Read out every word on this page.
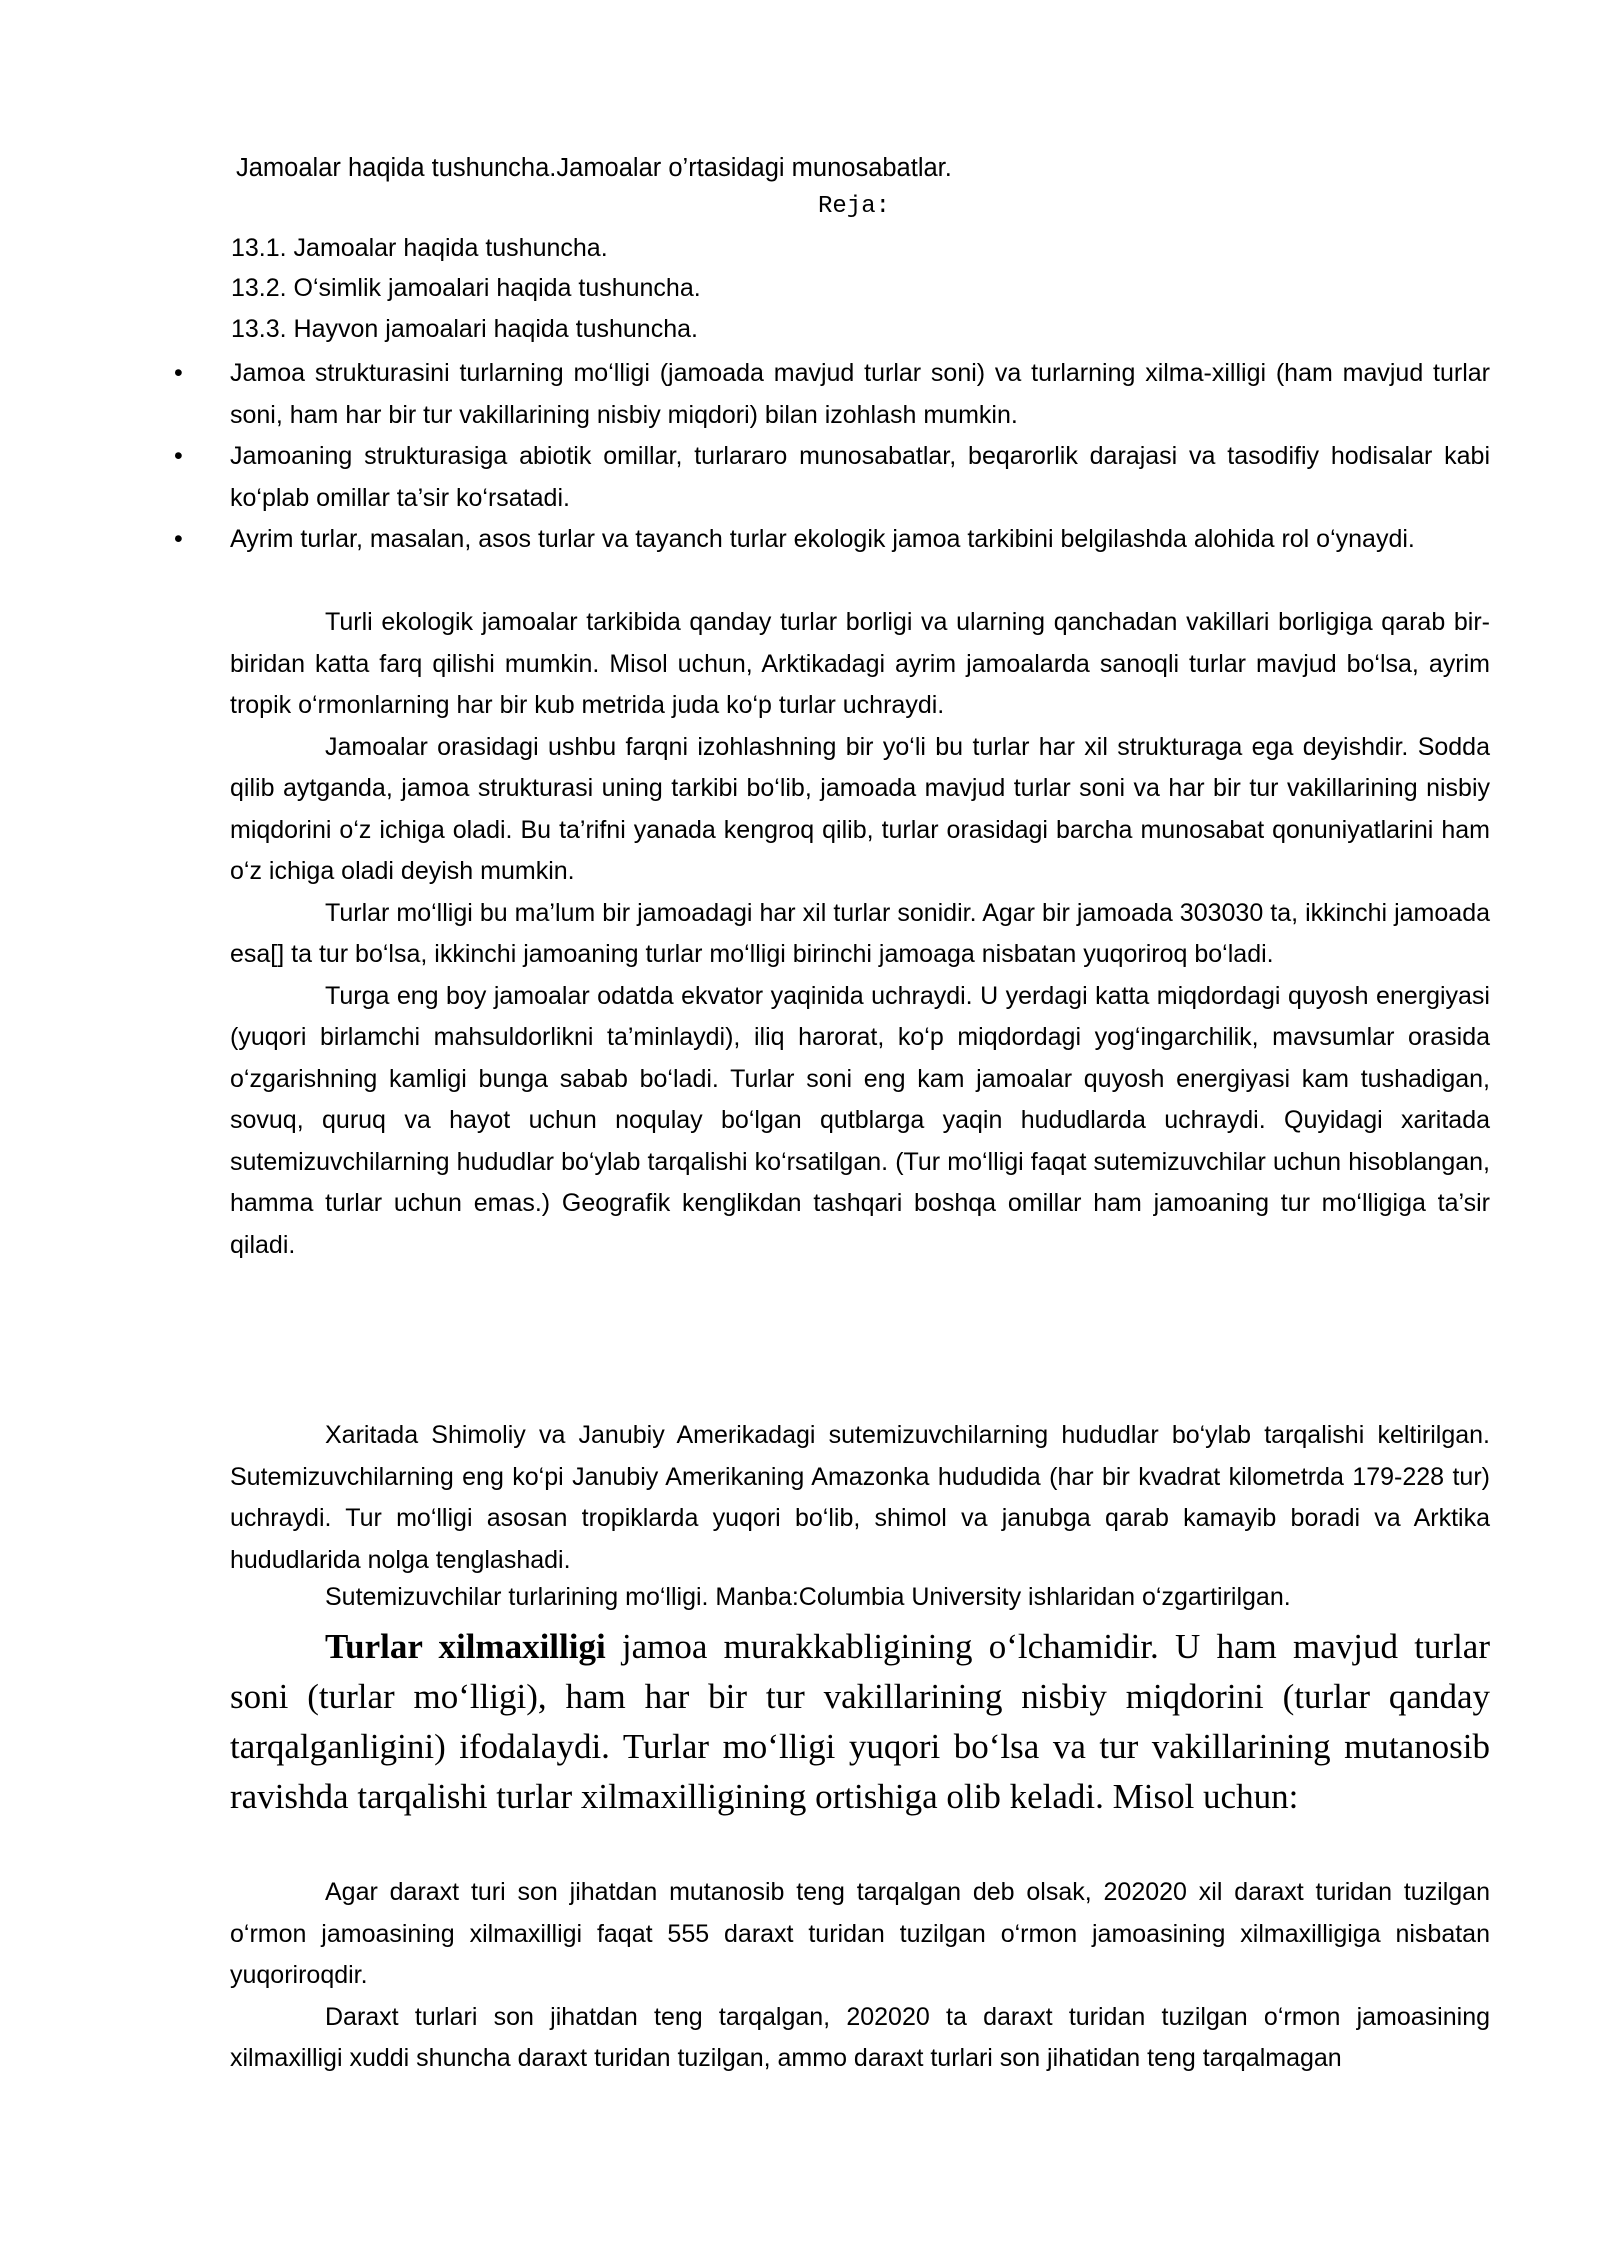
Jamoalar haqida tushuncha.Jamoalar o’rtasidagi munosabatlar.
Reja:
13.1. Jamoalar haqida tushuncha.
13.2. O‘simlik jamoalari haqida tushuncha.
13.3. Hayvon jamoalari haqida tushuncha.
• Jamoa strukturasini turlarning mo‘lligi (jamoada mavjud turlar soni) va turlarning xilma-xilligi (ham mavjud turlar soni, ham har bir tur vakillarining nisbiy miqdori) bilan izohlash mumkin.
• Jamoaning strukturasiga abiotik omillar, turlararo munosabatlar, beqarorlik darajasi va tasodifiy hodisalar kabi ko‘plab omillar ta’sir ko‘rsatadi.
• Ayrim turlar, masalan, asos turlar va tayanch turlar ekologik jamoa tarkibini belgilashda alohida rol o‘ynaydi.

Turli ekologik jamoalar tarkibida qanday turlar borligi va ularning qanchadan vakillari borligiga qarab bir-biridan katta farq qilishi mumkin. Misol uchun, Arktikadagi ayrim jamoalarda sanoqli turlar mavjud bo‘lsa, ayrim tropik o‘rmonlarning har bir kub metrida juda ko‘p turlar uchraydi.

Jamoalar orasidagi ushbu farqni izohlashning bir yo‘li bu turlar har xil strukturaga ega deyishdir. Sodda qilib aytganda, jamoa strukturasi uning tarkibi bo‘lib, jamoada mavjud turlar soni va har bir tur vakillarining nisbiy miqdorini o‘z ichiga oladi. Bu ta’rifni yanada kengroq qilib, turlar orasidagi barcha munosabat qonuniyatlarini ham o‘z ichiga oladi deyish mumkin.

Turlar mo‘lligi bu ma’lum bir jamoadagi har xil turlar sonidir. Agar bir jamoada 303030 ta, ikkinchi jamoada esa[] ta tur bo‘lsa, ikkinchi jamoaning turlar mo‘lligi birinchi jamoaga nisbatan yuqoriroq bo‘ladi.

Turga eng boy jamoalar odatda ekvator yaqinida uchraydi. U yerdagi katta miqdordagi quyosh energiyasi (yuqori birlamchi mahsuldorlikni ta’minlaydi), iliq harorat, ko‘p miqdordagi yog‘ingarchilik, mavsumlar orasida o‘zgarishning kamligi bunga sabab bo‘ladi. Turlar soni eng kam jamoalar quyosh energiyasi kam tushadigan, sovuq, quruq va hayot uchun noqulay bo‘lgan qutblarga yaqin hududlarda uchraydi. Quyidagi xaritada sutemizuvchilarning hududlar bo‘ylab tarqalishi ko‘rsatilgan. (Tur mo‘lligi faqat sutemizuvchilar uchun hisoblangan, hamma turlar uchun emas.) Geografik kenglikdan tashqari boshqa omillar ham jamoaning tur mo‘lligiga ta’sir qiladi.

Xaritada Shimoliy va Janubiy Amerikadagi sutemizuvchilarning hududlar bo‘ylab tarqalishi keltirilgan. Sutemizuvchilarning eng ko‘pi Janubiy Amerikaning Amazonka hududida (har bir kvadrat kilometrda 179-228 tur) uchraydi. Tur mo‘lligi asosan tropiklarda yuqori bo‘lib, shimol va janubga qarab kamayib boradi va Arktika hududlarida nolga tenglashadi.

Sutemizuvchilar turlarining mo‘lligi. Manba:Columbia University ishlaridan o‘zgartirilgan.

Turlar xilmaxilligi jamoa murakkabligining o‘lchamidir. U ham mavjud turlar soni (turlar mo‘lligi), ham har bir tur vakillarining nisbiy miqdorini (turlar qanday tarqalganligini) ifodalaydi. Turlar mo‘lligi yuqori bo‘lsa va tur vakillarining mutanosib ravishda tarqalishi turlar xilmaxilligining ortishiga olib keladi. Misol uchun:

Agar daraxt turi son jihatdan mutanosib teng tarqalgan deb olsak, 202020 xil daraxt turidan tuzilgan o‘rmon jamoasining xilmaxilligi faqat 555 daraxt turidan tuzilgan o‘rmon jamoasining xilmaxilligiga nisbatan yuqoriroqdir.

Daraxt turlari son jihatdan teng tarqalgan, 202020 ta daraxt turidan tuzilgan o‘rmon jamoasining xilmaxilligi xuddi shuncha daraxt turidan tuzilgan, ammo daraxt turlari son jihatidan teng tarqalmagan
